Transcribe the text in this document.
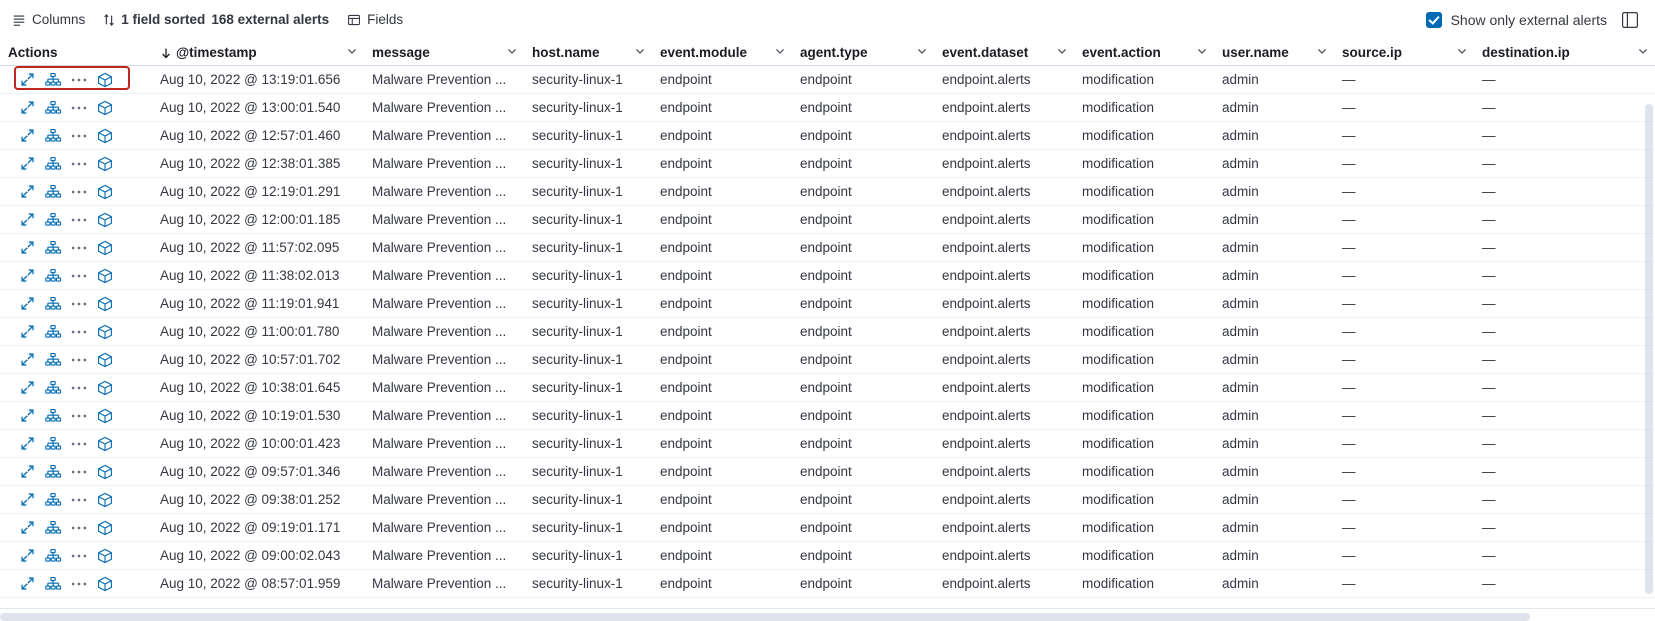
Columns	1 field sorted 168 external alerts	Fields	Show only external alerts
Actions	@timestamp	message	host.name	event.module	agent.type	event.dataset	event.action	user.name	source.ip	destination.ip
Aug 10, 2022 @ 13:19:01.656	Malware Prevention ...	security-linux-1	endpoint	endpoint	endpoint.alerts	modification	admin	—	—
Aug 10, 2022 @ 13:00:01.540	Malware Prevention ...	security-linux-1	endpoint	endpoint	endpoint.alerts	modification	admin	—	—
Aug 10, 2022 @ 12:57:01.460	Malware Prevention ...	security-linux-1	endpoint	endpoint	endpoint.alerts	modification	admin	—	—
Aug 10, 2022 @ 12:38:01.385	Malware Prevention ...	security-linux-1	endpoint	endpoint	endpoint.alerts	modification	admin	—	—
Aug 10, 2022 @ 12:19:01.291	Malware Prevention ...	security-linux-1	endpoint	endpoint	endpoint.alerts	modification	admin	—	—
Aug 10, 2022 @ 12:00:01.185	Malware Prevention ...	security-linux-1	endpoint	endpoint	endpoint.alerts	modification	admin	—	—
Aug 10, 2022 @ 11:57:02.095	Malware Prevention ...	security-linux-1	endpoint	endpoint	endpoint.alerts	modification	admin	—	—
Aug 10, 2022 @ 11:38:02.013	Malware Prevention ...	security-linux-1	endpoint	endpoint	endpoint.alerts	modification	admin	—	—
Aug 10, 2022 @ 11:19:01.941	Malware Prevention ...	security-linux-1	endpoint	endpoint	endpoint.alerts	modification	admin	—	—
Aug 10, 2022 @ 11:00:01.780	Malware Prevention ...	security-linux-1	endpoint	endpoint	endpoint.alerts	modification	admin	—	—
Aug 10, 2022 @ 10:57:01.702	Malware Prevention ...	security-linux-1	endpoint	endpoint	endpoint.alerts	modification	admin	—	—
Aug 10, 2022 @ 10:38:01.645	Malware Prevention ...	security-linux-1	endpoint	endpoint	endpoint.alerts	modification	admin	—	—
Aug 10, 2022 @ 10:19:01.530	Malware Prevention ...	security-linux-1	endpoint	endpoint	endpoint.alerts	modification	admin	—	—
Aug 10, 2022 @ 10:00:01.423	Malware Prevention ...	security-linux-1	endpoint	endpoint	endpoint.alerts	modification	admin	—	—
Aug 10, 2022 @ 09:57:01.346	Malware Prevention ...	security-linux-1	endpoint	endpoint	endpoint.alerts	modification	admin	—	—
Aug 10, 2022 @ 09:38:01.252	Malware Prevention ...	security-linux-1	endpoint	endpoint	endpoint.alerts	modification	admin	—	—
Aug 10, 2022 @ 09:19:01.171	Malware Prevention ...	security-linux-1	endpoint	endpoint	endpoint.alerts	modification	admin	—	—
Aug 10, 2022 @ 09:00:02.043	Malware Prevention ...	security-linux-1	endpoint	endpoint	endpoint.alerts	modification	admin	—	—
Aug 10, 2022 @ 08:57:01.959	Malware Prevention ...	security-linux-1	endpoint	endpoint	endpoint.alerts	modification	admin	—	—
